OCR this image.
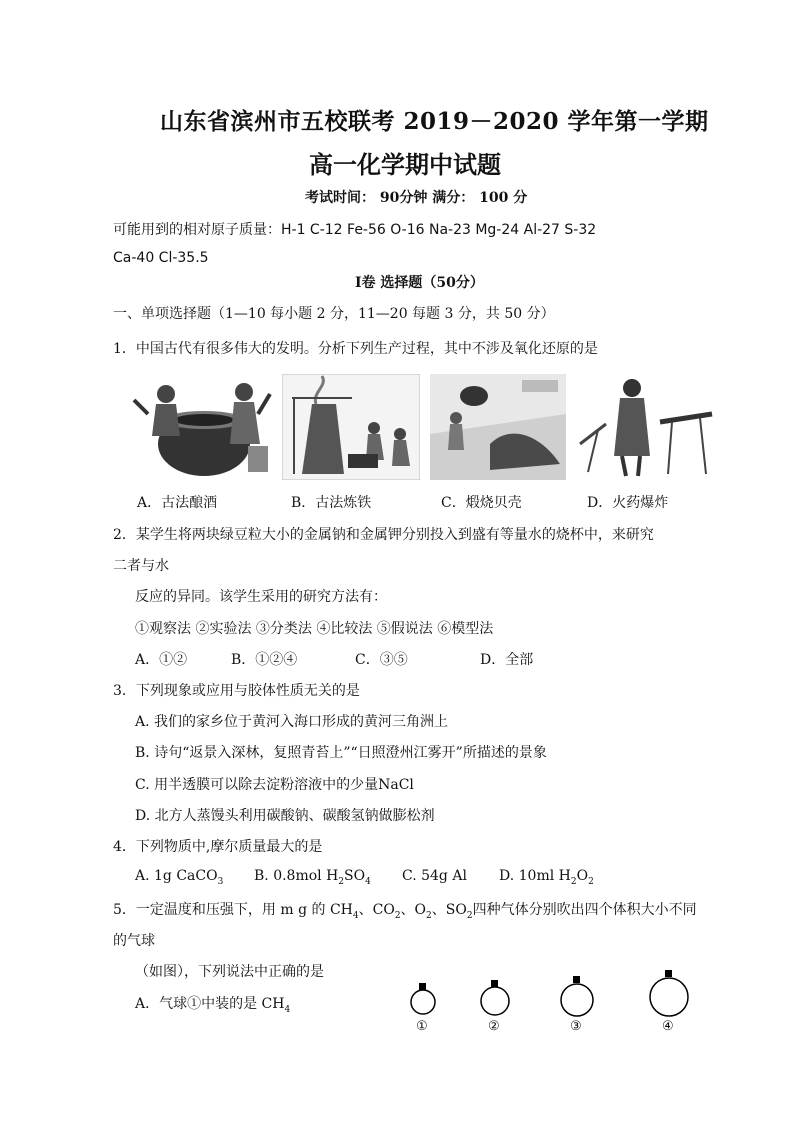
山东省滨州市五校联考 2019－2020 学年第一学期
高一化学期中试题
考试时间： 90分钟 满分： 100 分
可能用到的相对原子质量：H-1 C-12 Fe-56 O-16 Na-23 Mg-24 Al-27 S-32
Ca-40 Cl-35.5
Ⅰ卷 选择题（50分）
一、单项选择题（1—10 每小题 2 分，11—20 每题 3 分，共 50 分）
1．中国古代有很多伟大的发明。分析下列生产过程，其中不涉及氧化还原的是
A．古法酿酒	B．古法炼铁	C．煅烧贝壳	D．火药爆炸
2．某学生将两块绿豆粒大小的金属钠和金属钾分别投入到盛有等量水的烧杯中，来研究
二者与水
反应的异同。该学生采用的研究方法有：
①观察法 ②实验法 ③分类法 ④比较法 ⑤假说法 ⑥模型法
A．①②	B．①②④	C．③⑤	D．全部
3．下列现象或应用与胶体性质无关的是
A. 我们的家乡位于黄河入海口形成的黄河三角洲上
B. 诗句“返景入深林，复照青苔上”“日照澄州江雾开”所描述的景象
C. 用半透膜可以除去淀粉溶液中的少量NaCl
D. 北方人蒸馒头利用碳酸钠、碳酸氢钠做膨松剂
4．下列物质中,摩尔质量最大的是
A. 1g CaCO$_3$ B. 0.8mol $H_2SO_4$ C. 54g Al D. 10ml $H_2O_2$
5．一定温度和压强下，用 m g 的 $CH_4$、$CO_2$、$O_2$、$SO_2$四种气体分别吹出四个体积大小不同
的气球
（如图），下列说法中正确的是
A．气球①中装的是 $CH_4$
①	②	③	④
